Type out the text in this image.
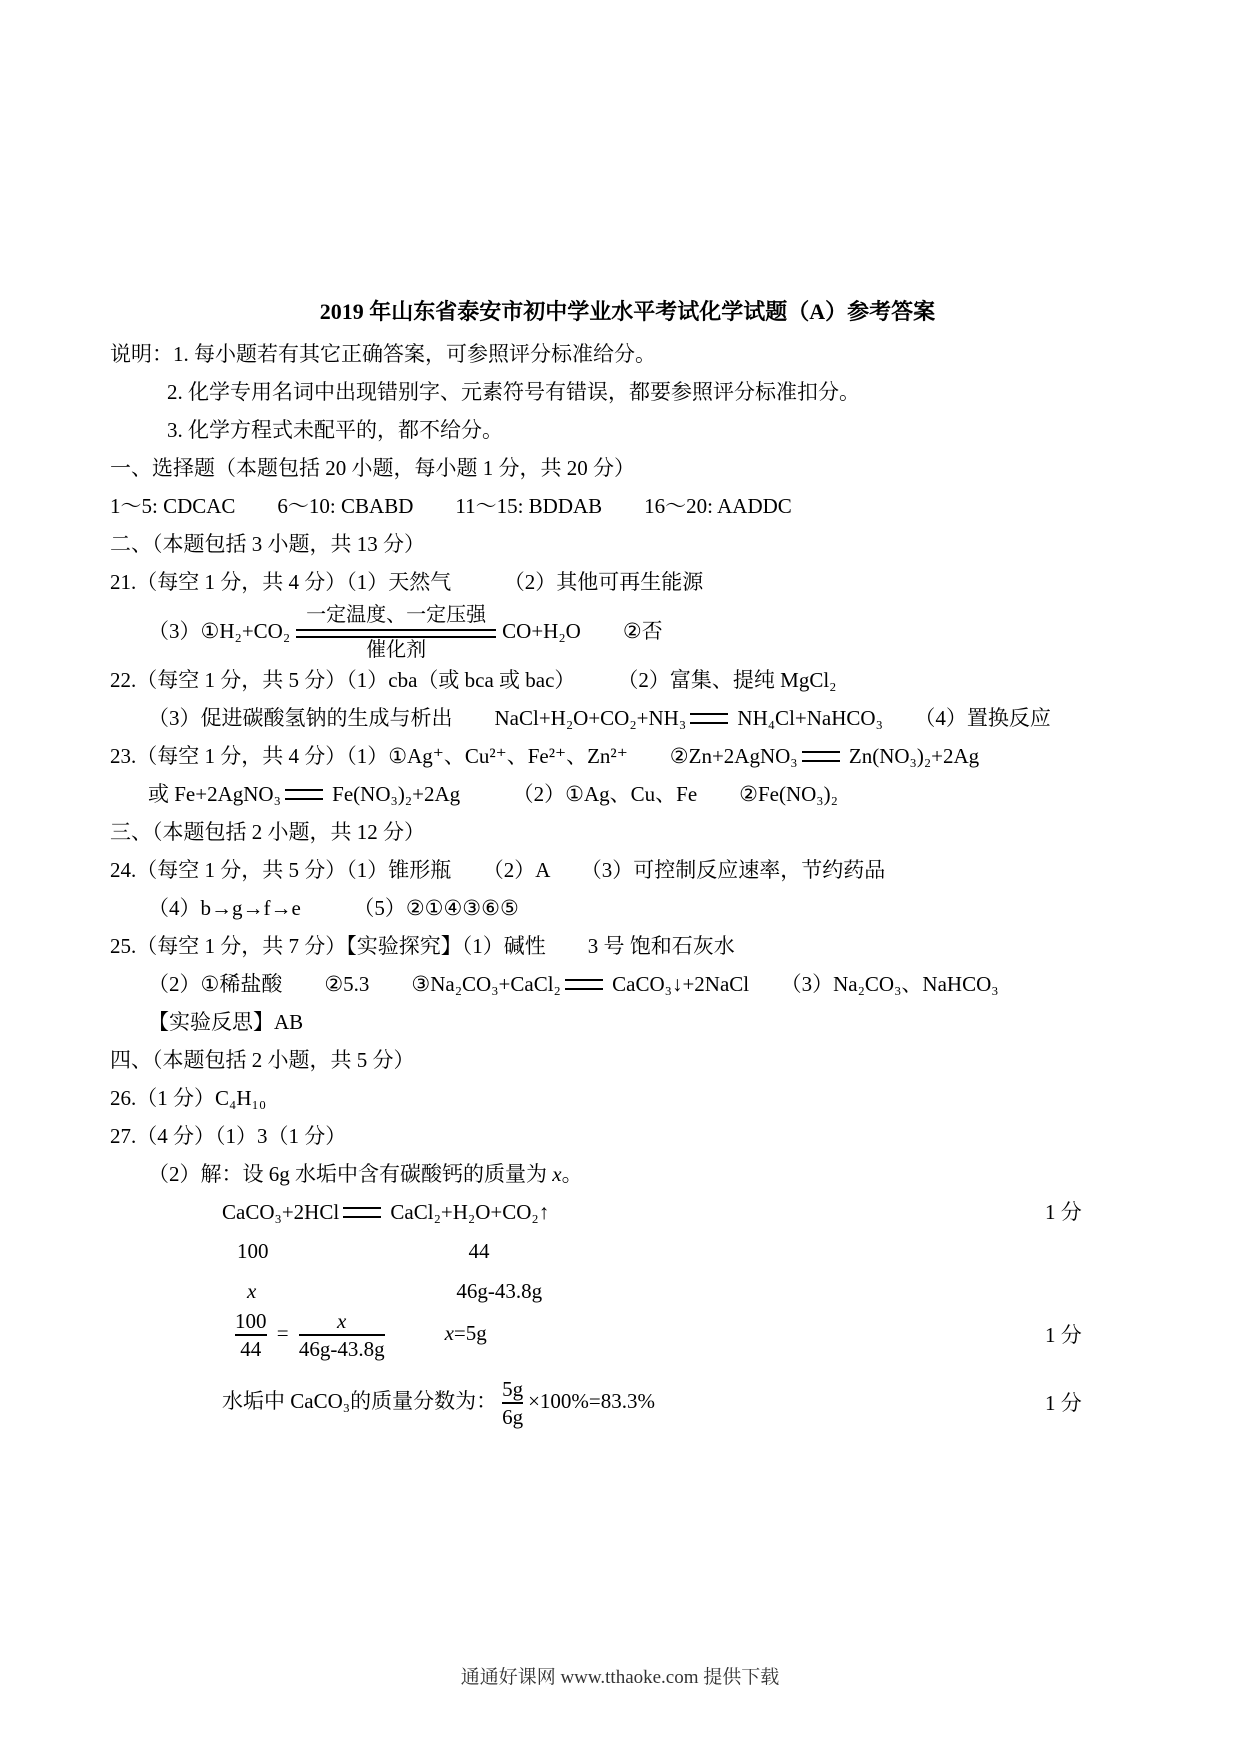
2019 年山东省泰安市初中学业水平考试化学试题（A）参考答案
说明：1. 每小题若有其它正确答案，可参照评分标准给分。
2. 化学专用名词中出现错别字、元素符号有错误，都要参照评分标准扣分。
3. 化学方程式未配平的，都不给分。
一、选择题（本题包括 20 小题，每小题 1 分，共 20 分）
1～5: CDCAC　　6～10: CBABD　　11～15: BDDAB　　16～20: AADDC
二、（本题包括 3 小题，共 13 分）
21.（每空 1 分，共 4 分）（1）天然气　　　（2）其他可再生能源
（3）①H₂+CO₂
一定温度、一定压强
催化剂
CO+H₂O　　②否
22.（每空 1 分，共 5 分）（1）cba（或 bca 或 bac）　　　（2）富集、提纯 MgCl₂
（3）促进碳酸氢钠的生成与析出　　NaCl+H₂O+CO₂+NH₃ NH₄Cl+NaHCO₃　　（4）置换反应
23.（每空 1 分，共 4 分）（1）①Ag⁺、Cu²⁺、Fe²⁺、Zn²⁺　　②Zn+2AgNO₃ Zn(NO₃)₂+2Ag
或 Fe+2AgNO₃ Fe(NO₃)₂+2Ag　　　（2）①Ag、Cu、Fe　　②Fe(NO₃)₂
三、（本题包括 2 小题，共 12 分）
24.（每空 1 分，共 5 分）（1）锥形瓶　　（2）A　　（3）可控制反应速率，节约药品
（4）b→g→f→e　　　（5）②①④③⑥⑤
25.（每空 1 分，共 7 分）【实验探究】（1）碱性　　3 号 饱和石灰水
（2）①稀盐酸　　②5.3　　③Na₂CO₃+CaCl₂ CaCO₃↓+2NaCl　　（3）Na₂CO₃、NaHCO₃
【实验反思】AB
四、（本题包括 2 小题，共 5 分）
26.（1 分）C₄H₁₀
27.（4 分）（1）3（1 分）
（2）解：设 6g 水垢中含有碳酸钙的质量为 x。
CaCO₃+2HCl CaCl₂+H₂O+CO₂↑	1 分
100	44
x	46g-43.8g
$\frac{100}{44} = \frac{x}{46g-43.8g}$	x=5g	1 分
水垢中 CaCO₃的质量分数为： $\frac{5g}{6g} \times 100\%=83.3\%$	1 分
通通好课网 www.tthaoke.com 提供下载
